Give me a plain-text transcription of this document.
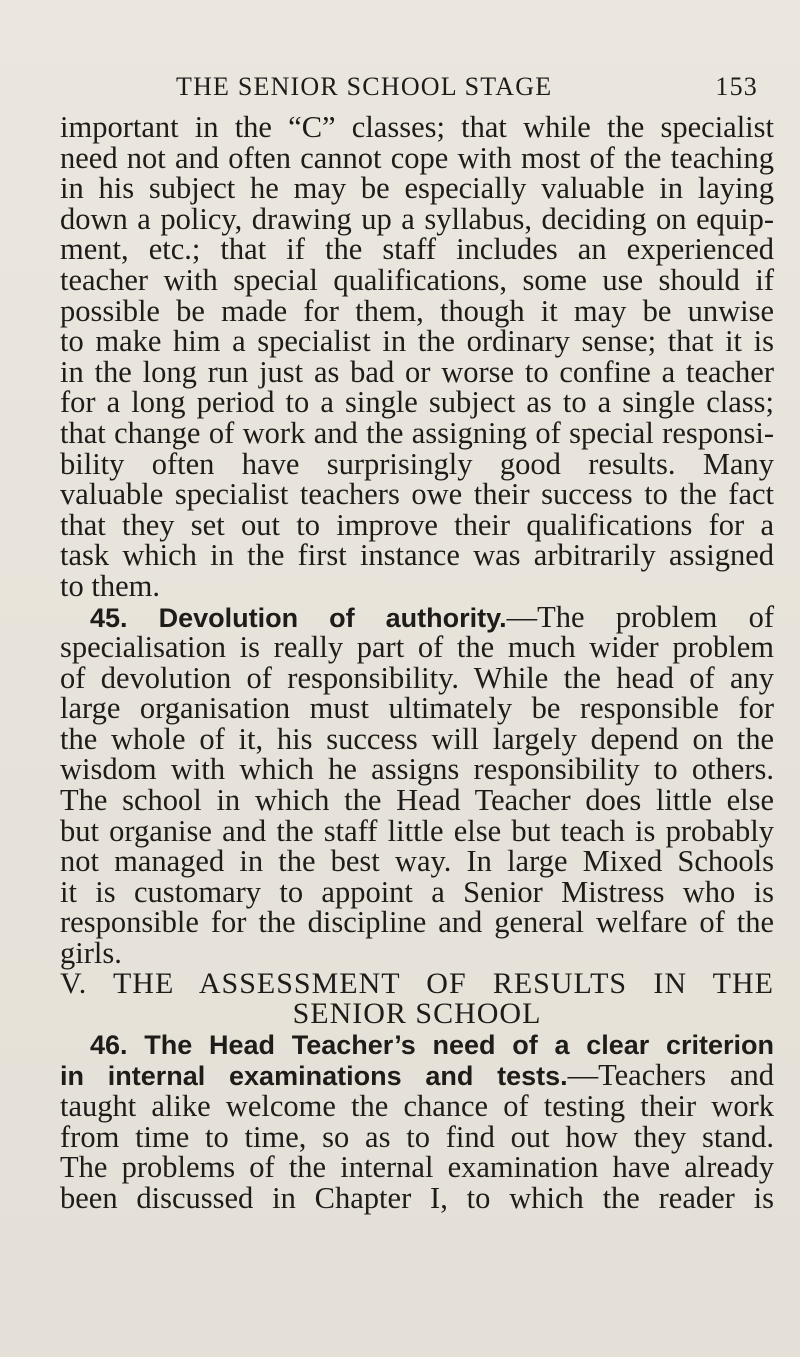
THE SENIOR SCHOOL STAGE	153
important in the “C” classes; that while the specialist
need not and often cannot cope with most of the teaching
in his subject he may be especially valuable in laying
down a policy, drawing up a syllabus, deciding on equip-
ment, etc.; that if the staff includes an experienced
teacher with special qualifications, some use should if
possible be made for them, though it may be unwise
to make him a specialist in the ordinary sense; that it is
in the long run just as bad or worse to confine a teacher
for a long period to a single subject as to a single class;
that change of work and the assigning of special responsi-
bility often have surprisingly good results. Many
valuable specialist teachers owe their success to the fact
that they set out to improve their qualifications for a
task which in the first instance was arbitrarily assigned
to them.
45. Devolution of authority.—The problem of
specialisation is really part of the much wider problem
of devolution of responsibility. While the head of any
large organisation must ultimately be responsible for
the whole of it, his success will largely depend on the
wisdom with which he assigns responsibility to others.
The school in which the Head Teacher does little else
but organise and the staff little else but teach is probably
not managed in the best way. In large Mixed Schools
it is customary to appoint a Senior Mistress who is
responsible for the discipline and general welfare of the
girls.
V. THE ASSESSMENT OF RESULTS IN THE
SENIOR SCHOOL
46. The Head Teacher’s need of a clear criterion
in internal examinations and tests.—Teachers and
taught alike welcome the chance of testing their work
from time to time, so as to find out how they stand.
The problems of the internal examination have already
been discussed in Chapter I, to which the reader is
